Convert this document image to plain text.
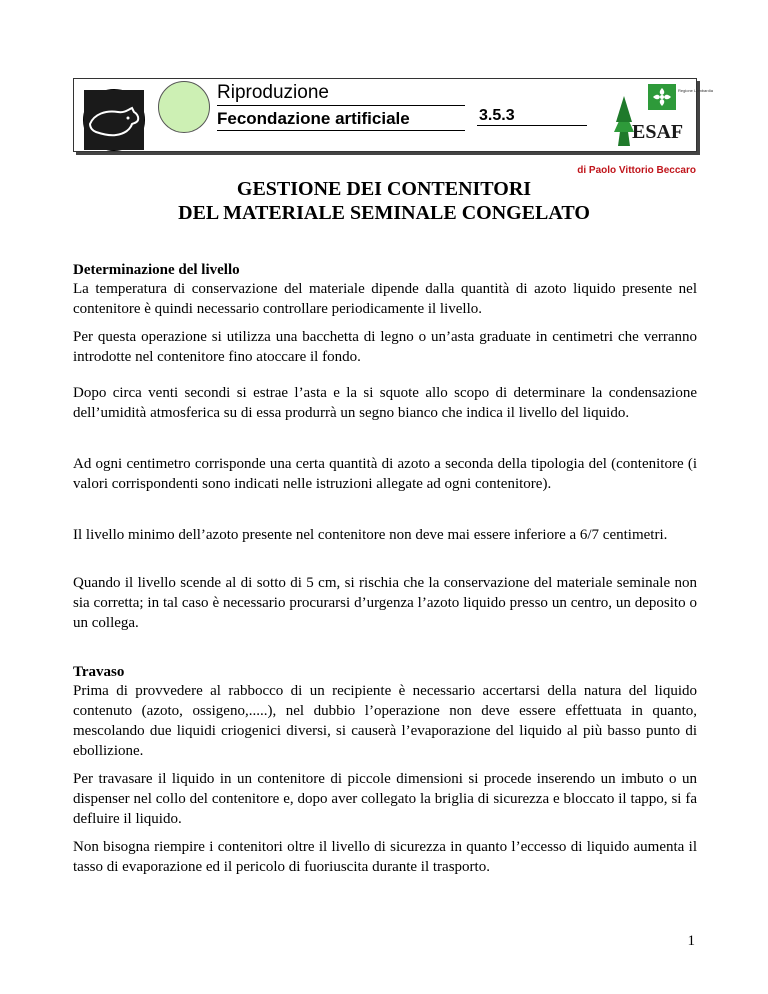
Riproduzione
Fecondazione artificiale	3.5.3
Regione Lombardia
ESAF
di Paolo Vittorio Beccaro
GESTIONE DEI CONTENITORI
DEL MATERIALE SEMINALE CONGELATO

Determinazione del livello

La temperatura di conservazione del materiale dipende dalla quantità di azoto liquido presente nel contenitore è quindi necessario controllare periodicamente il livello.

Per questa operazione si utilizza una bacchetta di legno o un’asta graduate in centimetri che verranno introdotte nel contenitore fino atoccare il fondo.

Dopo circa venti secondi si estrae l’asta e la si squote allo scopo di determinare la condensazione dell’umidità atmosferica su di essa produrrà un segno bianco che indica il livello del liquido.

Ad ogni centimetro corrisponde una certa quantità di azoto a seconda della tipologia del (contenitore (i valori corrispondenti sono indicati nelle istruzioni allegate ad ogni contenitore).

Il livello minimo dell’azoto presente nel contenitore non deve mai essere inferiore a 6/7 centimetri.

Quando il livello scende al di sotto di 5 cm, si rischia che la conservazione del materiale seminale non sia corretta; in tal caso è necessario procurarsi d’urgenza l’azoto liquido presso un centro, un deposito o un collega.

Travaso

Prima di provvedere al rabbocco di un recipiente è necessario accertarsi della natura del liquido contenuto (azoto, ossigeno,.....), nel dubbio l’operazione non deve essere effettuata in quanto, mescolando due liquidi criogenici diversi, si causerà l’evaporazione del liquido al più basso punto di ebollizione.

Per travasare il liquido in un contenitore di piccole dimensioni si procede inserendo un imbuto o un dispenser nel collo del contenitore e, dopo aver collegato la briglia di sicurezza e bloccato il tappo, si fa defluire il liquido.

Non bisogna riempire i contenitori oltre il livello di sicurezza in quanto l’eccesso di liquido aumenta il tasso di evaporazione ed il pericolo di fuoriuscita durante il trasporto.

1
